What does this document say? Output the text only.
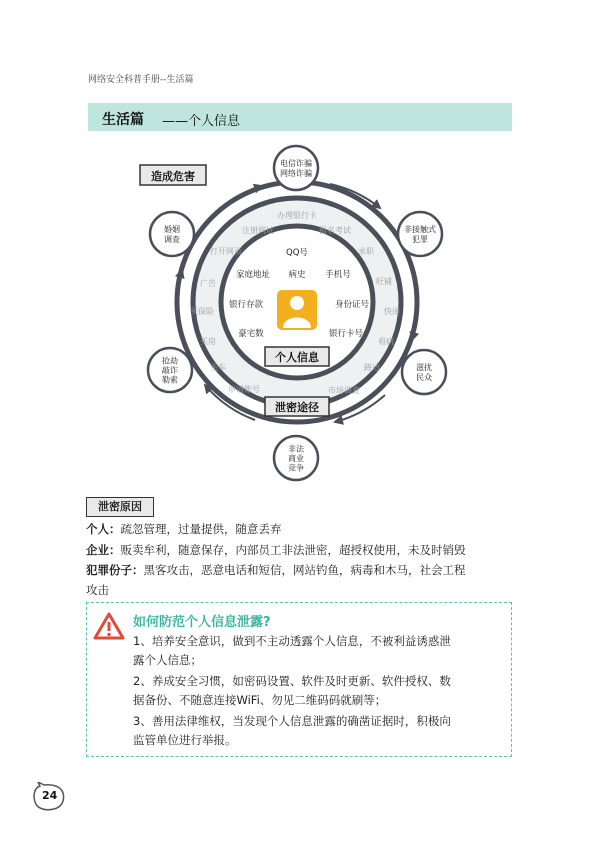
网络安全科普手册--生活篇
生活篇 ——个人信息
造成危害
电信诈骗网络诈骗
非接触式犯罪
滋扰民众
非法商业竞争
抢劫敲诈勒索
婚姻调查
办理银行卡
报名考试
求职
旺铺
快递
看病
路边
市场调查
申请账号
买车
买房
买保险
广告
打开网页
注册网址
QQ号
家庭地址 病史 手机号
银行存款	身份证号
豪宅数	银行卡号
个人信息
泄密途径
泄密原因
个人：疏忽管理，过量提供，随意丢弃
企业：贩卖牟利，随意保存，内部员工非法泄密，超授权使用，未及时销毁
犯罪份子：黑客攻击，恶意电话和短信，网站钓鱼，病毒和木马，社会工程
攻击
如何防范个人信息泄露?
1、培养安全意识，做到不主动透露个人信息，不被利益诱惑泄
露个人信息；
2、养成安全习惯，如密码设置、软件及时更新、软件授权、数
据备份、不随意连接WiFi、勿见二维码码就刷等；
3、善用法律维权，当发现个人信息泄露的确凿证据时，积极向
监管单位进行举报。
24
